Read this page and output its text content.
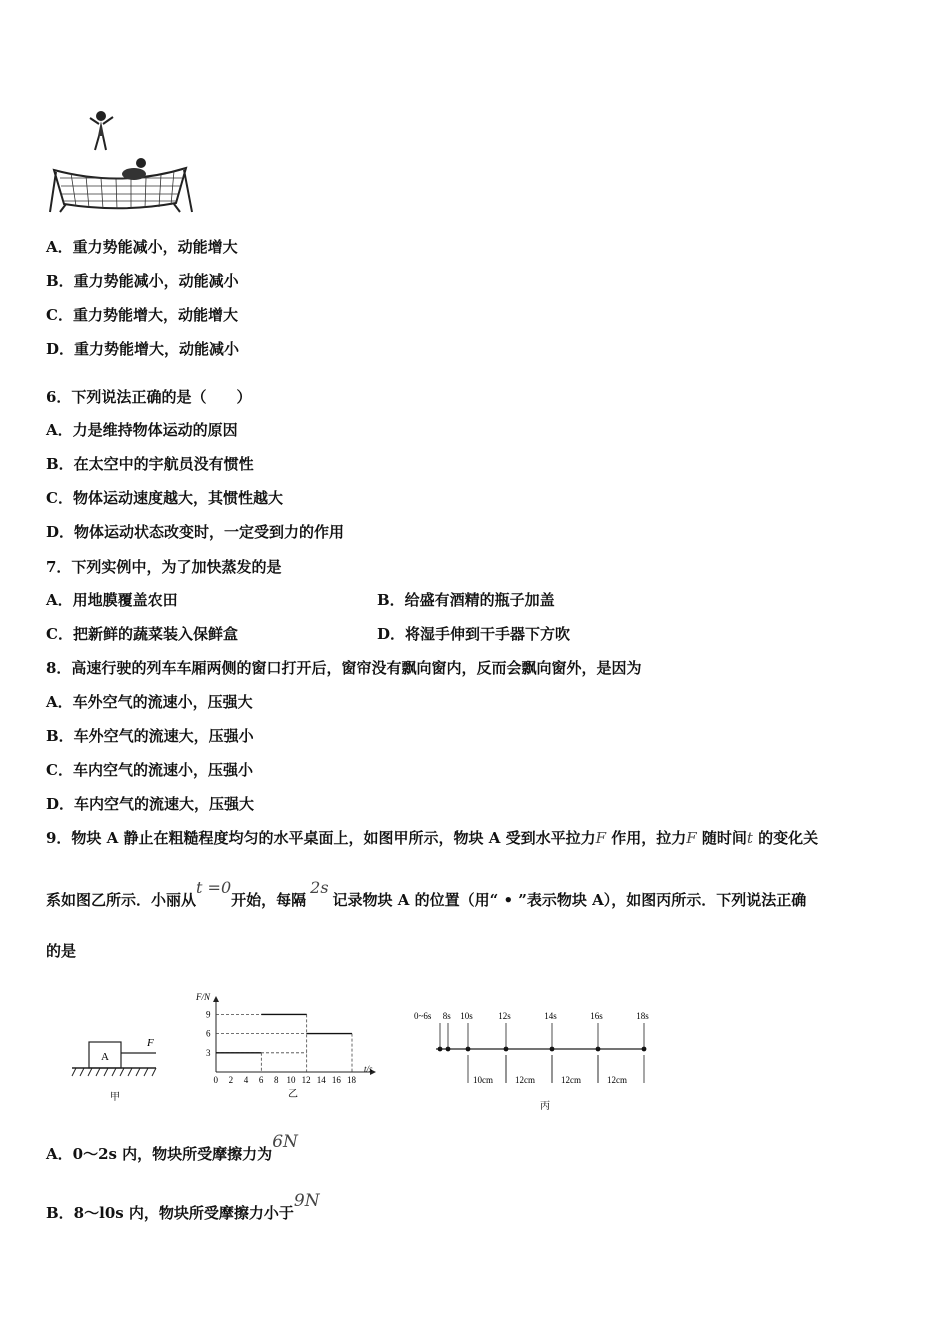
A．重力势能减小，动能增大
B．重力势能减小，动能减小
C．重力势能增大，动能增大
D．重力势能增大，动能减小
6．下列说法正确的是（　　）
A．力是维持物体运动的原因
B．在太空中的宇航员没有惯性
C．物体运动速度越大，其惯性越大
D．物体运动状态改变时，一定受到力的作用
7．下列实例中，为了加快蒸发的是
A．用地膜覆盖农田	B．给盛有酒精的瓶子加盖
C．把新鲜的蔬菜装入保鲜盒	D．将湿手伸到干手器下方吹
8．高速行驶的列车车厢两侧的窗口打开后，窗帘没有飘向窗内，反而会飘向窗外，是因为
A．车外空气的流速小，压强大
B．车外空气的流速大，压强小
C．车内空气的流速小，压强小
D．车内空气的流速大，压强大
9．物块 A 静止在粗糙程度均匀的水平桌面上，如图甲所示，物块 A 受到水平拉力F 作用，拉力F 随时间t 的变化关
系如图乙所示．小丽从t =0开始，每隔2s记录物块 A 的位置（用“ • ”表示物块 A），如图丙所示．下列说法正确
的是
A
F
甲
F/N
t/s
0 2 4 6 8 10 12 14 16 18
3
6
9
乙
0~6s 8s 10s	12s	14s	16s	18s
10cm 12cm	12cm	12cm
丙
A．0～2s 内，物块所受摩擦力为6N
B．8～l0s 内，物块所受摩擦力小于9N
